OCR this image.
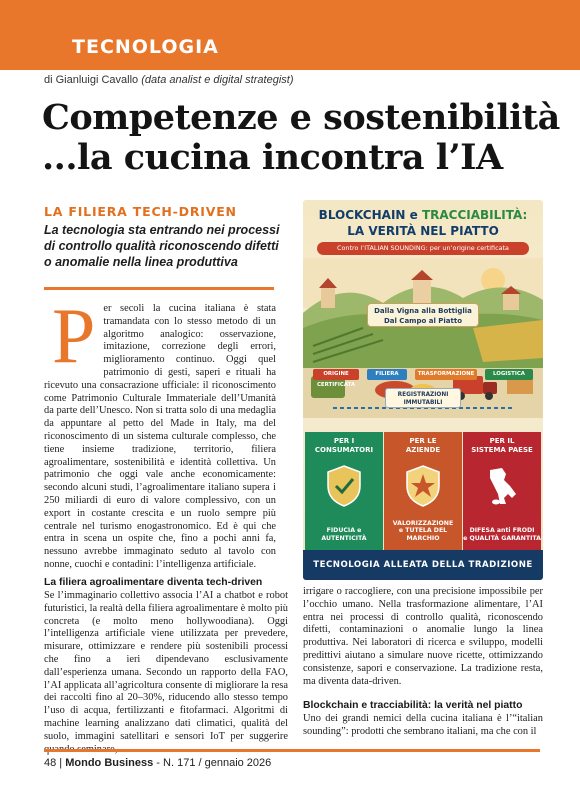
TECNOLOGIA
di Gianluigi Cavallo (data analist e digital strategist)
Competenze e sostenibilità
...la cucina incontra l’IA
LA FILIERA TECH-DRIVEN
La tecnologia sta entrando nei processi di controllo qualità riconoscendo difetti o anomalie nella linea produttiva
P er secoli la cucina italiana è stata tramandata con lo stesso metodo di un algoritmo analogico: osservazione, imitazione, correzione degli errori, miglioramento continuo. Oggi quel patrimonio di gesti, saperi e rituali ha ricevuto una consacrazione ufficiale: il riconoscimento come Patrimonio Culturale Immateriale dell’Umanità da parte dell’Unesco. Non si tratta solo di una medaglia da appuntare al petto del Made in Italy, ma del riconoscimento di un sistema culturale complesso, che tiene insieme tradizione, territorio, filiera agroalimentare, sostenibilità e identità collettiva. Un patrimonio che oggi vale anche economicamente: secondo alcuni studi, l’agroalimentare italiano supera i 250 miliardi di euro di valore complessivo, con un export in costante crescita e un ruolo sempre più centrale nel turismo enogastronomico. Ed è qui che entra in scena un ospite che, fino a pochi anni fa, nessuno avrebbe immaginato seduto al tavolo con nonne, cuochi e contadini: l’intelligenza artificiale.
La filiera agroalimentare diventa tech-driven
Se l’immaginario collettivo associa l’AI a chatbot e robot futuristici, la realtà della filiera agroalimentare è molto più concreta (e molto meno hollywoodiana). Oggi l’intelligenza artificiale viene utilizzata per prevedere, misurare, ottimizzare e rendere più sostenibili processi che fino a ieri dipendevano esclusivamente dall’esperienza umana. Secondo un rapporto della FAO, l’AI applicata all’agricoltura consente di migliorare la resa dei raccolti fino al 20–30%, riducendo allo stesso tempo l’uso di acqua, fertilizzanti e fitofarmaci. Algoritmi di machine learning analizzano dati climatici, qualità del suolo, immagini satellitari e sensori IoT per suggerire
irrigare o raccogliere, con una precisione impossibile per l’occhio umano. Nella trasformazione alimentare, l’AI entra nei processi di controllo qualità, riconoscendo difetti, contaminazioni o anomalie lungo la linea produttiva. Nei laboratori di ricerca e sviluppo, modelli predittivi aiutano a simulare nuove ricette, ottimizzando consistenze, sapori e conservazione. La tradizione resta, ma diventa data-driven.
Blockchain e tracciabilità: la verità nel piatto
Uno dei grandi nemici della cucina italiana è l’“italian sounding”: prodotti che sembrano italiani, ma che con il
BLOCKCHAIN e TRACCIABILITÀ:
LA VERITÀ NEL PIATTO
Contro l’ITALIAN SOUNDING: per un’origine certificata
Dalla Vigna alla Bottiglia
Dal Campo al Piatto
ORIGINE CERTIFICATA
FILIERA	TRASFORMAZIONE	LOGISTICA
REGISTRAZIONI
IMMUTABILI
PER I
CONSUMATORI
FIDUCIA e
AUTENTICITÀ
PER LE
AZIENDE
VALORIZZAZIONE
e TUTELA DEL MARCHIO
PER IL
SISTEMA PAESE
DIFESA anti FRODI
e QUALITÀ GARANTITA
TECNOLOGIA ALLEATA DELLA TRADIZIONE
48 | Mondo Business - N. 171 / gennaio 2026
